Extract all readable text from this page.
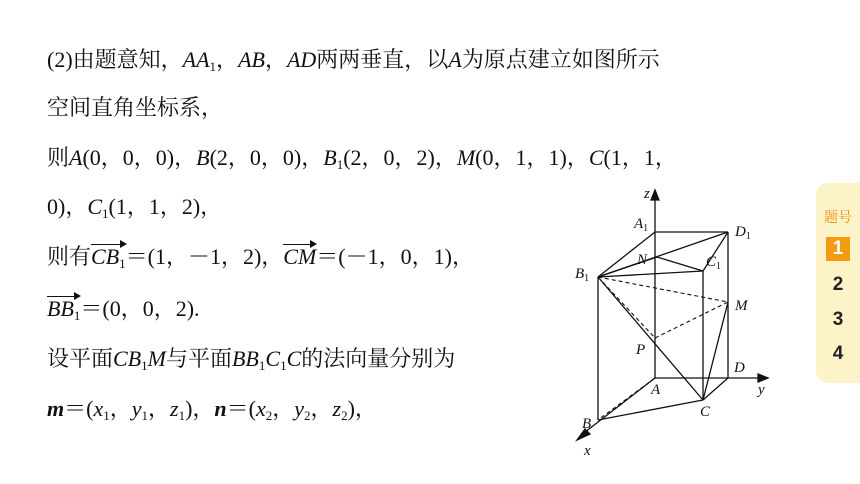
(2)由题意知，$AA_1$，AB，AD两两垂直，以A为原点建立如图所示
空间直角坐标系，
则A(0，0，0)，B(2，0，0)，$B_1(2$，0，2)，M(0，1，1)，C(1，1，
0)，$C_1(1$，1，2)，
则有$CB_1=(1$，－1，2)，CM＝(－1，0，1)，
$BB_1=(0$，0，2).
设平面$CB_1M$与平面$BB_1C_1C$的法向量分别为
$m=(x_1$，$y_1$，$z_1$)，$n=(x_2$，$y_2$，$z_2$)，
z
$A_1$	$D_1$
N	$C_1$
$B_1$
M
P
D
y
A
B
C
x
题号
1
2
3
4
